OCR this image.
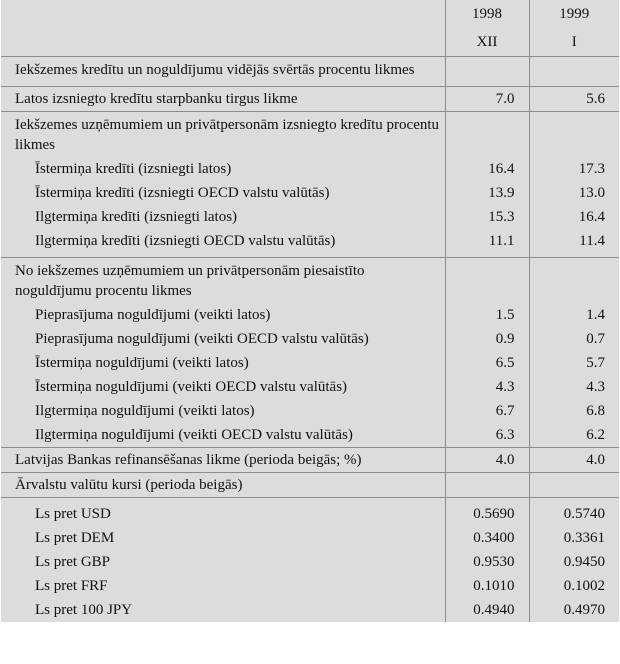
	1998	1999
	XII	I
Iekšzemes kredītu un noguldījumu vidējās svērtās procentu likmes		
Latos izsniegto kredītu starpbanku tirgus likme	7.0	5.6
Iekšzemes uzņēmumiem un privātpersonām izsniegto kredītu procentu likmes		
Īstermiņa kredīti (izsniegti latos)	16.4	17.3
Īstermiņa kredīti (izsniegti OECD valstu valūtās)	13.9	13.0
Ilgtermiņa kredīti (izsniegti latos)	15.3	16.4
Ilgtermiņa kredīti (izsniegti OECD valstu valūtās)	11.1	11.4
No iekšzemes uzņēmumiem un privātpersonām piesaistīto noguldījumu procentu likmes		
Pieprasījuma noguldījumi (veikti latos)	1.5	1.4
Pieprasījuma noguldījumi (veikti OECD valstu valūtās)	0.9	0.7
Īstermiņa noguldījumi (veikti latos)	6.5	5.7
Īstermiņa noguldījumi (veikti OECD valstu valūtās)	4.3	4.3
Ilgtermiņa noguldījumi (veikti latos)	6.7	6.8
Ilgtermiņa noguldījumi (veikti OECD valstu valūtās)	6.3	6.2
Latvijas Bankas refinansēšanas likme (perioda beigās; %)	4.0	4.0
Ārvalstu valūtu kursi (perioda beigās)		
Ls pret USD	0.5690	0.5740
Ls pret DEM	0.3400	0.3361
Ls pret GBP	0.9530	0.9450
Ls pret FRF	0.1010	0.1002
Ls pret 100 JPY	0.4940	0.4970
